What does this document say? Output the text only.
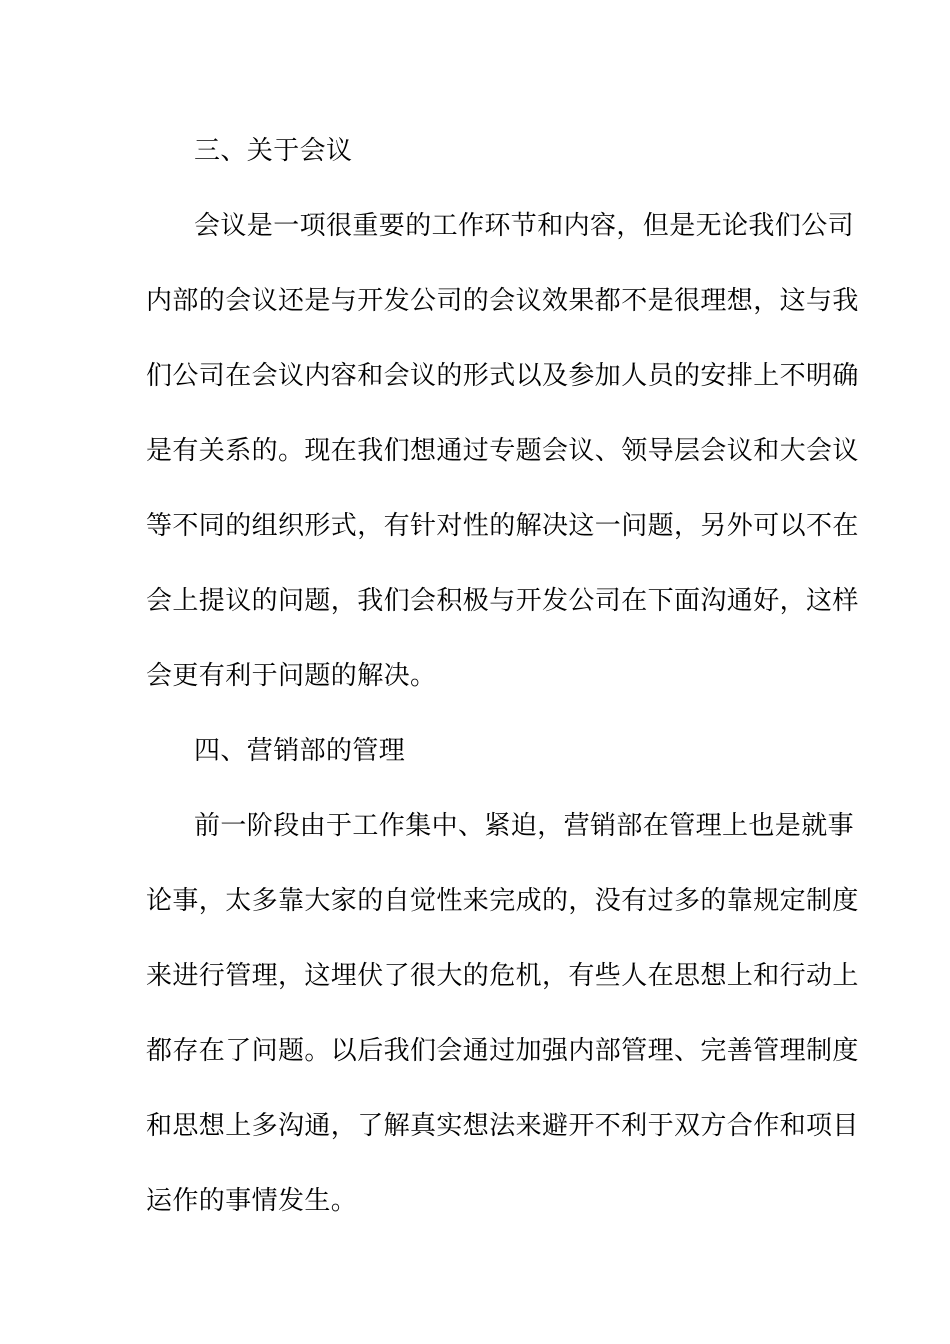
三、关于会议
会议是一项很重要的工作环节和内容，但是无论我们公司
内部的会议还是与开发公司的会议效果都不是很理想，这与我
们公司在会议内容和会议的形式以及参加人员的安排上不明确
是有关系的。现在我们想通过专题会议、领导层会议和大会议
等不同的组织形式，有针对性的解决这一问题，另外可以不在
会上提议的问题，我们会积极与开发公司在下面沟通好，这样
会更有利于问题的解决。
四、营销部的管理
前一阶段由于工作集中、紧迫，营销部在管理上也是就事
论事，太多靠大家的自觉性来完成的，没有过多的靠规定制度
来进行管理，这埋伏了很大的危机，有些人在思想上和行动上
都存在了问题。以后我们会通过加强内部管理、完善管理制度
和思想上多沟通，了解真实想法来避开不利于双方合作和项目
运作的事情发生。
